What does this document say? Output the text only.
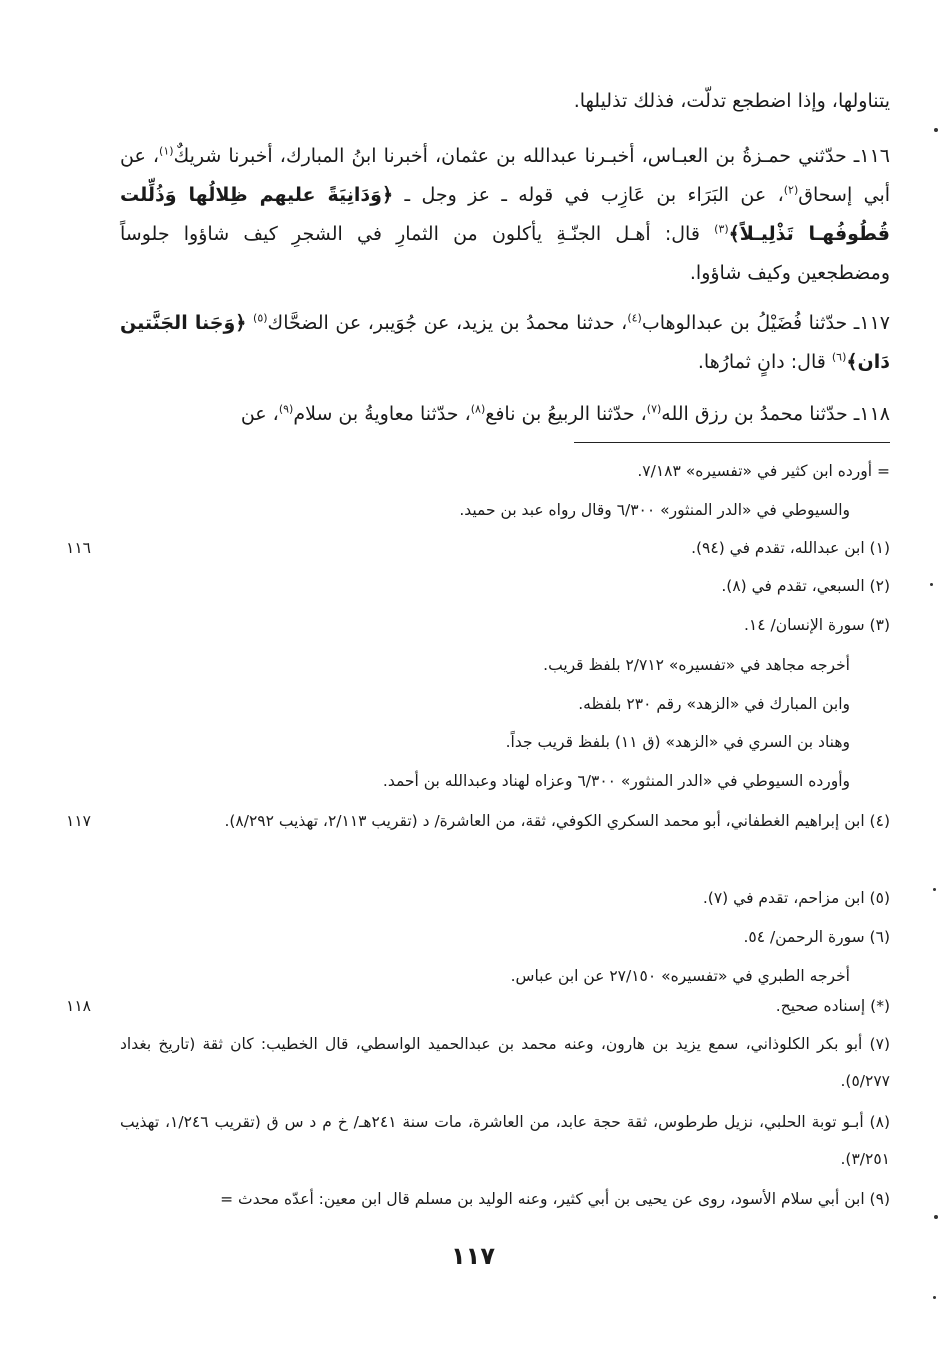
يتناولها، وإذا اضطجع تدلّت، فذلك تذليلها.

١١٦ـ حدّثني حمـزةُ بن العبـاس، أخبـرنا عبدالله بن عثمان، أخبرنا ابنُ المبارك، أخبرنا شريكٌ$^{(١)}$، عن أبي إسحاق$^{(٢)}$، عن البَرَاء بن عَازِب في قوله ـ عز وجل ـ ﴿وَدَانِيَةً عليهم ظِلالُها وَذُلِّلت قُطُوفُهـا تَذْلِيـلاً﴾$^{(٣)}$ قال: أهـل الجنّـةِ يأكلون من الثمارِ في الشجرِ كيف شاؤوا جلوساً ومضطجعين وكيف شاؤوا.

١١٧ـ حدّثنا فُضَيْلُ بن عبدالوهاب$^{(٤)}$، حدثنا محمدُ بن يزيد، عن جُوَيبر، عن الضحَّاك$^{(٥)}$ ﴿وَجَنا الجَنَّتين دَان﴾$^{(٦)}$ قال: دانٍ ثمارُها.

١١٨ـ حدّثنا محمدُ بن رزق الله$^{(٧)}$، حدّثنا الربيعُ بن نافع$^{(٨)}$، حدّثنا معاويةُ بن سلام$^{(٩)}$، عن

= أورده ابن كثير في «تفسيره» ٧/١٨٣.
والسيوطي في «الدر المنثور» ٦/٣٠٠ وقال رواه عبد بن حميد.
(١) ابن عبدالله، تقدم في (٩٤).
(٢) السبعي، تقدم في (٨).
(٣) سورة الإنسان/ ١٤.
أخرجه مجاهد في «تفسيره» ٢/٧١٢ بلفظ قريب.
وابن المبارك في «الزهد» رقم ٢٣٠ بلفظه.
وهناد بن السري في «الزهد» (ق ١١) بلفظ قريب جداً.
وأورده السيوطي في «الدر المنثور» ٦/٣٠٠ وعزاه لهناد وعبدالله بن أحمد.
(٤) ابن إبراهيم الغطفاني، أبو محمد السكري الكوفي، ثقة، من العاشرة/ د (تقريب ٢/١١٣، تهذيب ٨/٢٩٢).
(٥) ابن مزاحم، تقدم في (٧).
(٦) سورة الرحمن/ ٥٤.
أخرجه الطبري في «تفسيره» ٢٧/١٥٠ عن ابن عباس.
(*) إسناده صحيح.
(٧) أبو بكر الكلوذاني، سمع يزيد بن هارون، وعنه محمد بن عبدالحميد الواسطي، قال الخطيب: كان ثقة (تاريخ بغداد ٥/٢٧٧).
(٨) أبـو توبة الحلبي، نزيل طرطوس، ثقة حجة عابد، من العاشرة، مات سنة ٢٤١هـ/ خ م د س ق (تقريب ١/٢٤٦، تهذيب ٣/٢٥١).
(٩) ابن أبي سلام الأسود، روى عن يحيى بن أبي كثير، وعنه الوليد بن مسلم قال ابن معين: أعدّه محدث =
١١٦
١١٧
١١٨
١١٧
